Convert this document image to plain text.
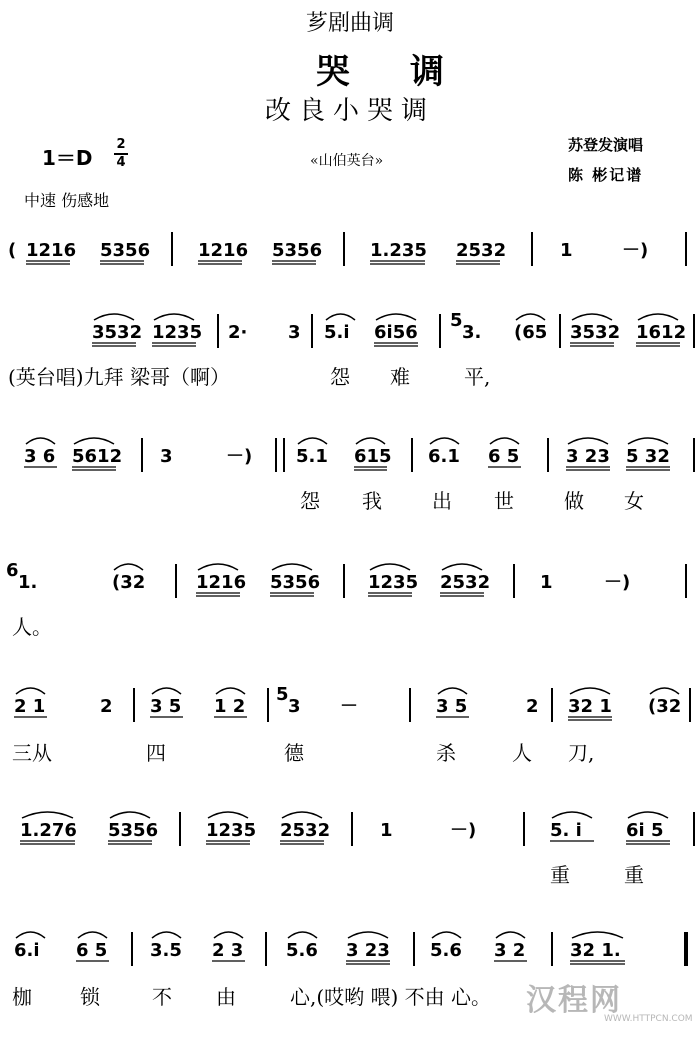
芗剧曲调
哭调
改良小哭调
1＝D
2
4
中速 伤感地
«山伯英台»
苏登发演唱
陈 彬记谱
( 1216 5356	1216 5356	1.235 2532	1	－)
3532 1235 2· 3 5.i 6i56
5
3. (65 3532 1612
(英台唱)九拜 梁哥（啊）	怨 难	平,
3 6 5612 3	－) 5.1 615 6.1 6 5	3 23 5 32
怨 我	出 世	做 女
6
1.	(32	1216 5356	1235 2532	1	－)
人。
2 1	2 3 5 1 2
5
3 －	3 5	2 32 1 (32
三从	四	德	杀	人 刀,
1.276 5356	1235 2532	1	－)	5. i 6i 5
重	重
6.i 6 5 3.5 2 3 5.6 3 23 5.6 3 2 32 1.
枷 锁	不 由	心,(哎哟 喂) 不由 心。 汉程网
WWW.HTTPCN.COM
